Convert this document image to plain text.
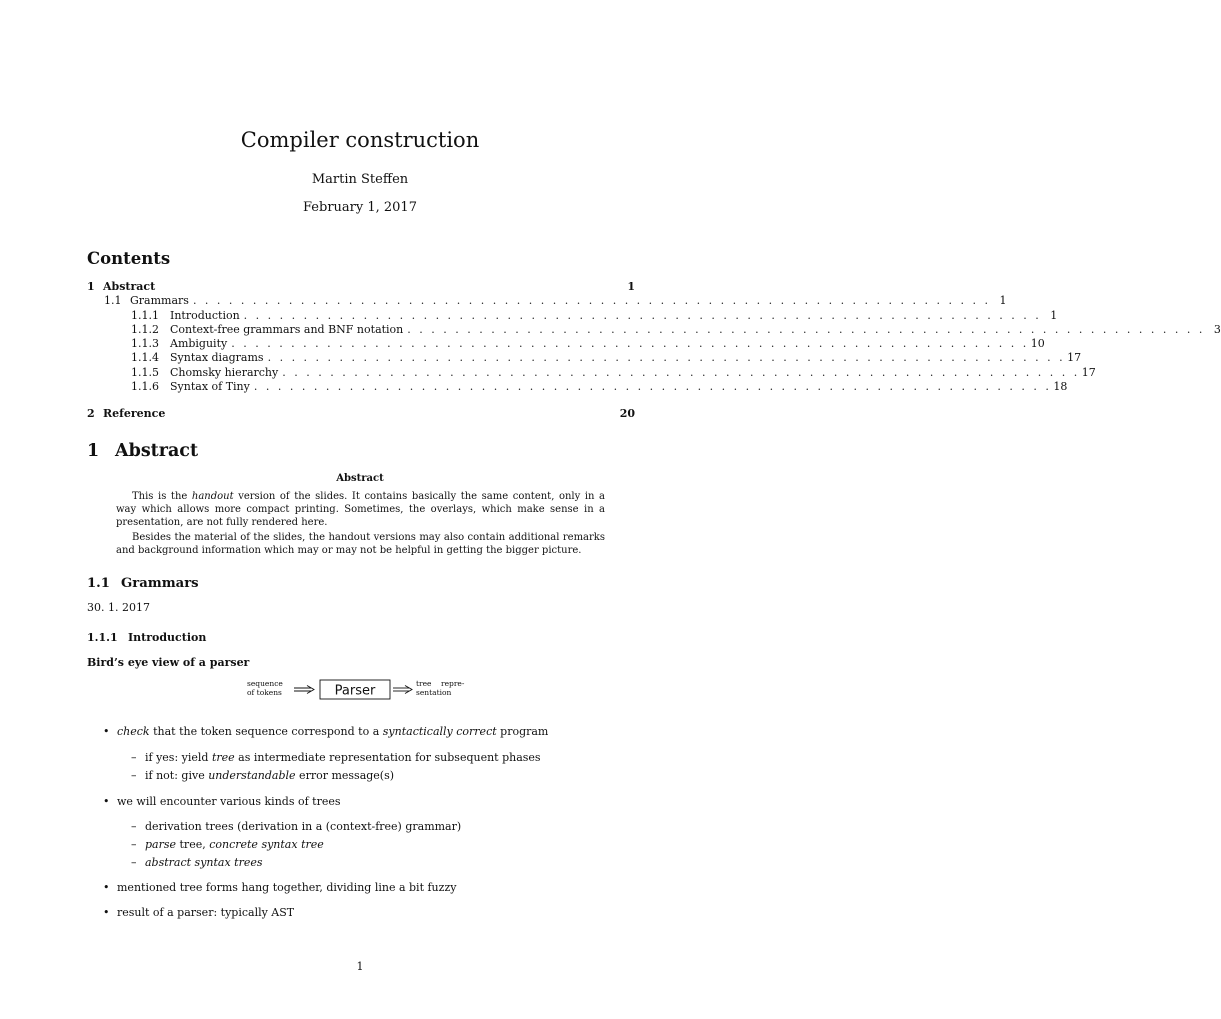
Compiler construction
Martin Steffen
February 1, 2017
Contents
1 Abstract	1
1.1 Grammars . . . . . . . . . . . . . . . . . . . . . . . . . . . . . . . . . . . . . . . . . . . . . . . . . . . . . . . . . . . . . . . . . . . 1
1.1.1	Introduction . . . . . . . . . . . . . . . . . . . . . . . . . . . . . . . . . . . . . . . . . . . . . . . . . . . . . . . . . . . . . . . . . . . 1
1.1.2	Context-free grammars and BNF notation . . . . . . . . . . . . . . . . . . . . . . . . . . . . . . . . . . . . . . . . . . . . . . . . . . . . . . . . . . . . . . . . . . . 3
1.1.3	Ambiguity . . . . . . . . . . . . . . . . . . . . . . . . . . . . . . . . . . . . . . . . . . . . . . . . . . . . . . . . . . . . . . . . . . . 10
1.1.4	Syntax diagrams . . . . . . . . . . . . . . . . . . . . . . . . . . . . . . . . . . . . . . . . . . . . . . . . . . . . . . . . . . . . . . . . . . . 17
1.1.5	Chomsky hierarchy . . . . . . . . . . . . . . . . . . . . . . . . . . . . . . . . . . . . . . . . . . . . . . . . . . . . . . . . . . . . . . . . . . . 17
1.1.6	Syntax of Tiny . . . . . . . . . . . . . . . . . . . . . . . . . . . . . . . . . . . . . . . . . . . . . . . . . . . . . . . . . . . . . . . . . . . 18
2 Reference	20
1 Abstract
Abstract
This is the handout version of the slides. It contains basically the same content, only in a way which allows more compact printing. Sometimes, the overlays, which make sense in a presentation, are not fully rendered here.
Besides the material of the slides, the handout versions may also contain additional remarks and background information which may or may not be helpful in getting the bigger picture.
1.1 Grammars
30. 1. 2017
1.1.1 Introduction
Bird’s eye view of a parser
sequence
of tokens	Parser	tree    repre-
sentation
• check that the token sequence correspond to a syntactically correct program
– if yes: yield tree as intermediate representation for subsequent phases
– if not: give understandable error message(s)
• we will encounter various kinds of trees
– derivation trees (derivation in a (context-free) grammar)
– parse tree, concrete syntax tree
– abstract syntax trees
• mentioned tree forms hang together, dividing line a bit fuzzy
• result of a parser: typically AST
1
